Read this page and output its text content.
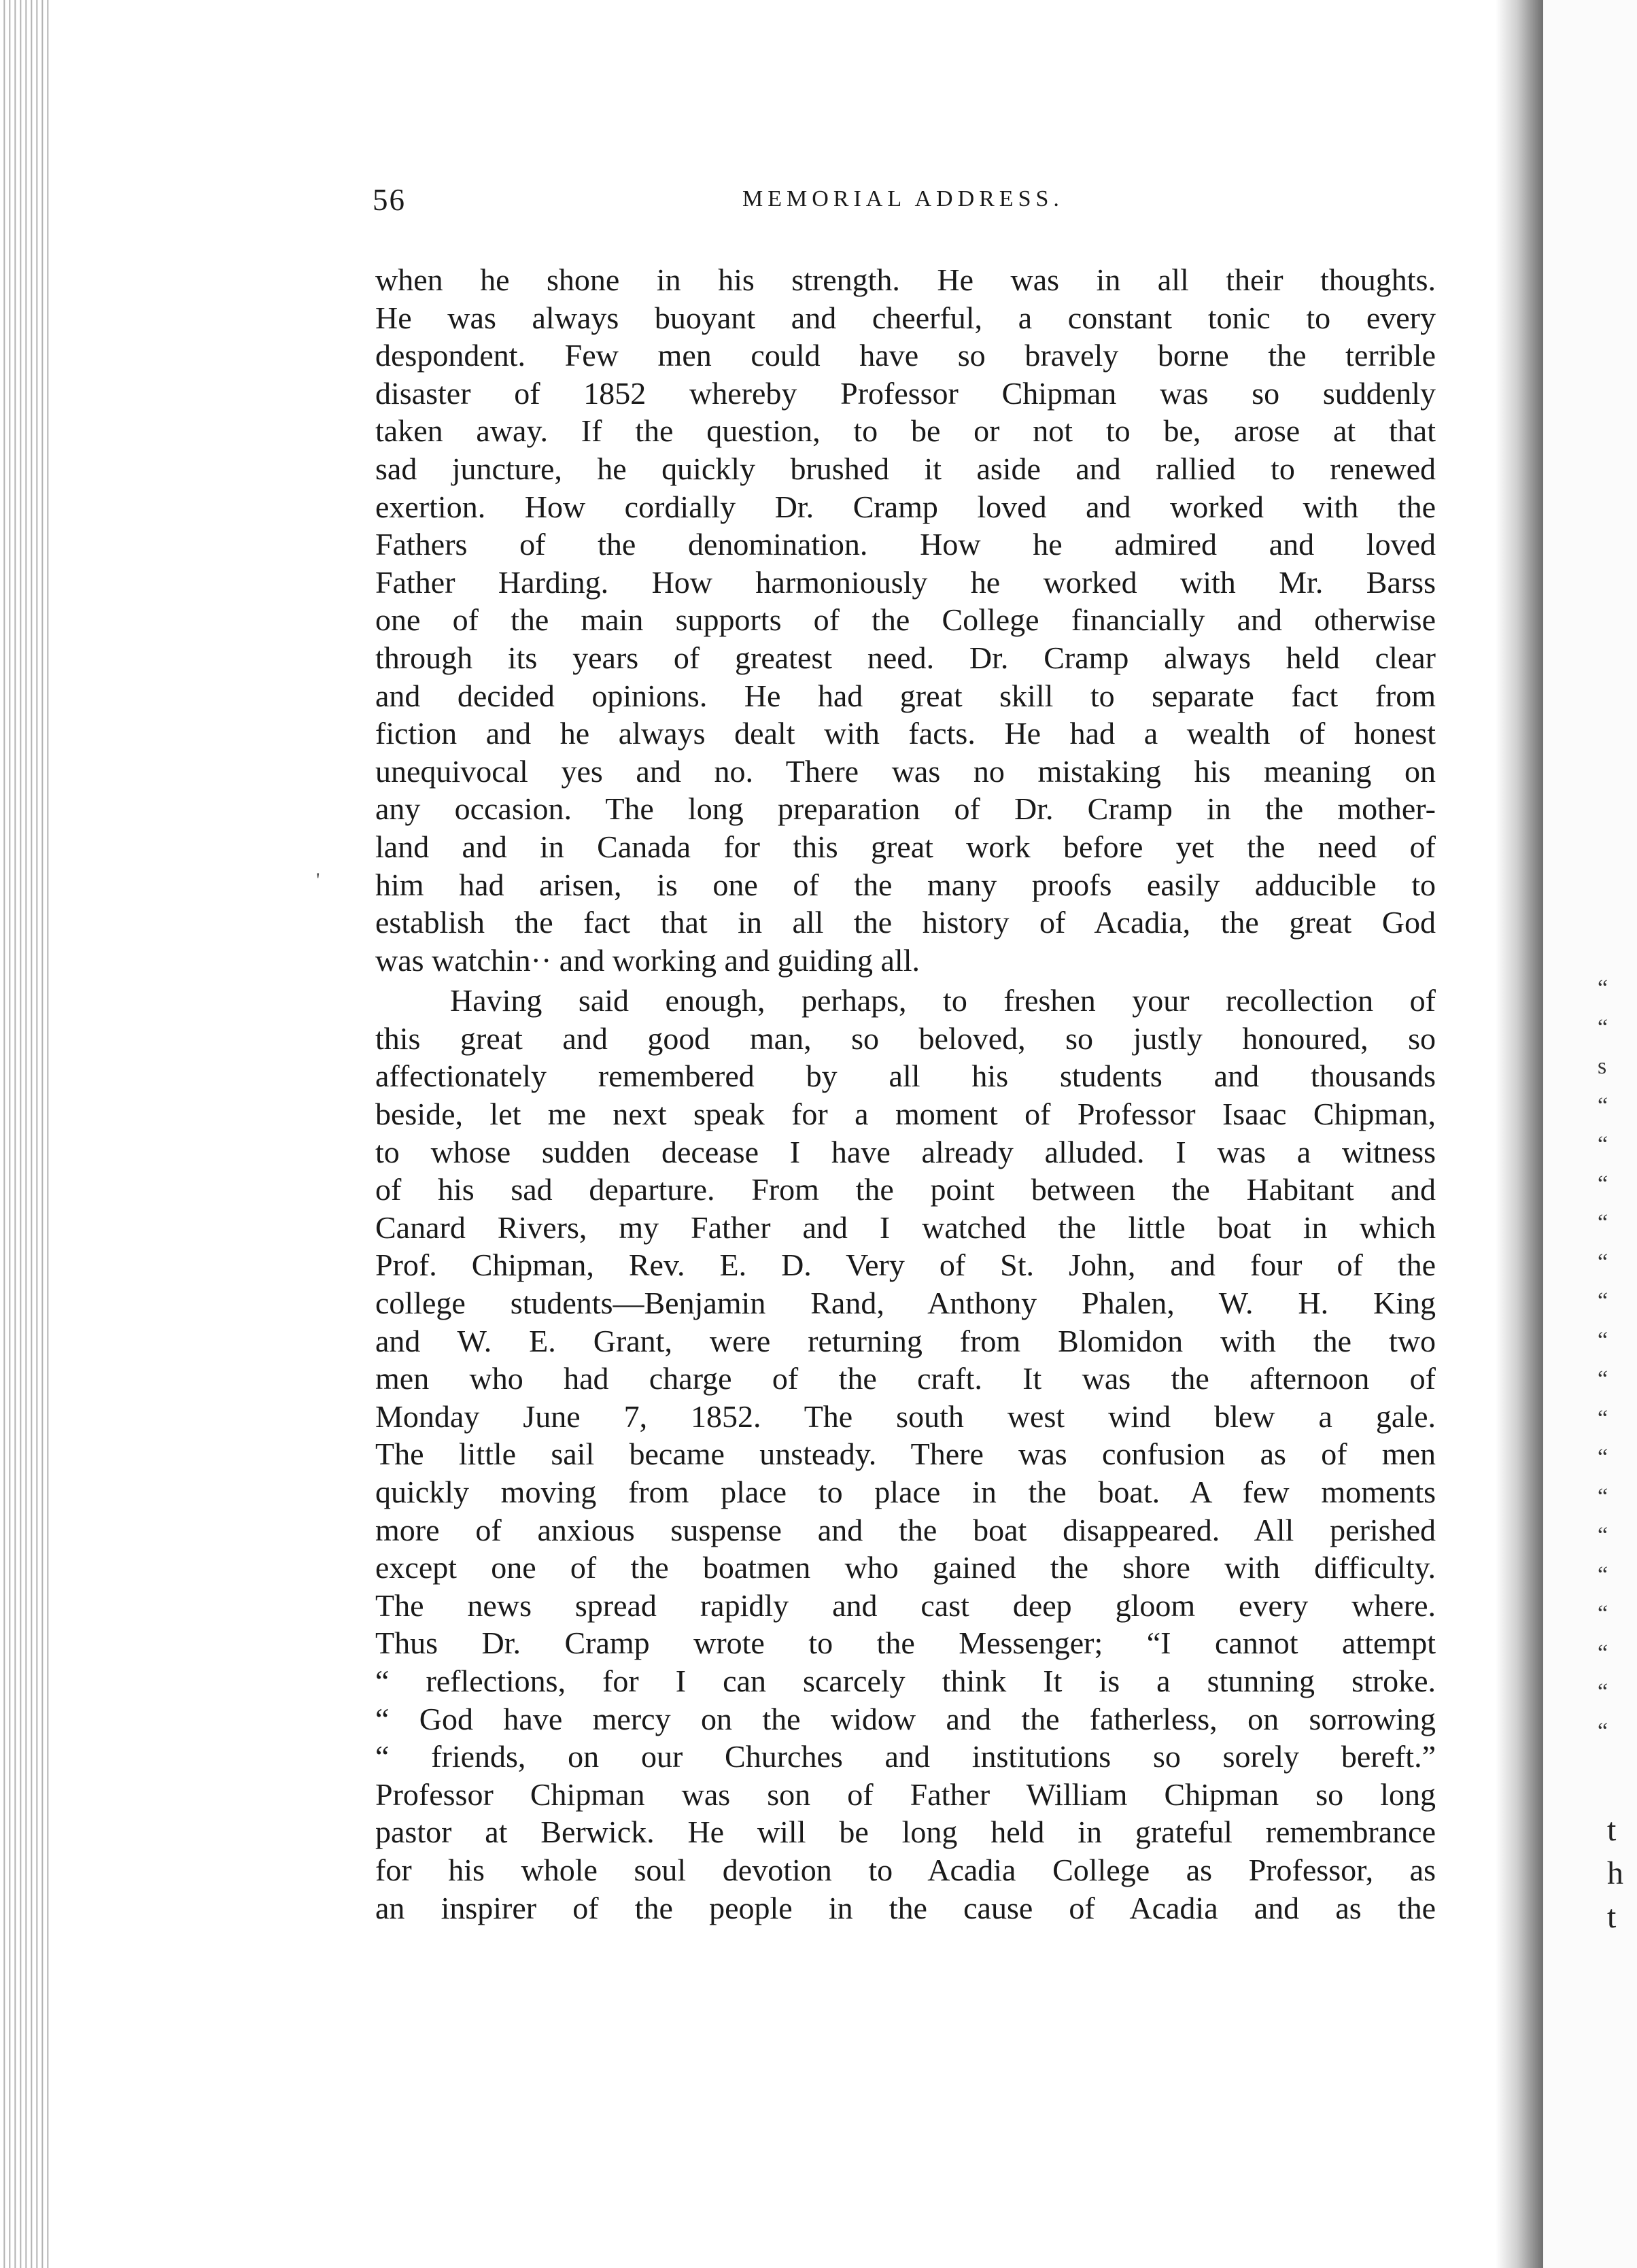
56	MEMORIAL ADDRESS.
'
when he shone in his strength. He was in all their thoughts.
He was always buoyant and cheerful, a constant tonic to every
despondent. Few men could have so bravely borne the terrible
disaster of 1852 whereby Professor Chipman was so suddenly
taken away. If the question, to be or not to be, arose at that
sad juncture, he quickly brushed it aside and rallied to renewed
exertion. How cordially Dr. Cramp loved and worked with the
Fathers of the denomination. How he admired and loved
Father Harding. How harmoniously he worked with Mr. Barss
one of the main supports of the College financially and otherwise
through its years of greatest need. Dr. Cramp always held clear
and decided opinions. He had great skill to separate fact from
fiction and he always dealt with facts. He had a wealth of honest
unequivocal yes and no. There was no mistaking his meaning on
any occasion. The long preparation of Dr. Cramp in the mother-
land and in Canada for this great work before yet the need of
him had arisen, is one of the many proofs easily adducible to
establish the fact that in all the history of Acadia, the great God
was watchin·· and working and guiding all.
Having said enough, perhaps, to freshen your recollection of
this great and good man, so beloved, so justly honoured, so
affectionately remembered by all his students and thousands
beside, let me next speak for a moment of Professor Isaac Chipman,
to whose sudden decease I have already alluded. I was a witness
of his sad departure. From the point between the Habitant and
Canard Rivers, my Father and I watched the little boat in which
Prof. Chipman, Rev. E. D. Very of St. John, and four of the
college students—Benjamin Rand, Anthony Phalen, W. H. King
and W. E. Grant, were returning from Blomidon with the two
men who had charge of the craft. It was the afternoon of
Monday June 7, 1852. The south west wind blew a gale.
The little sail became unsteady. There was confusion as of men
quickly moving from place to place in the boat. A few moments
more of anxious suspense and the boat disappeared. All perished
except one of the boatmen who gained the shore with difficulty.
The news spread rapidly and cast deep gloom every where.
Thus Dr. Cramp wrote to the Messenger; “I cannot attempt
“ reflections, for I can scarcely think It is a stunning stroke.
“ God have mercy on the widow and the fatherless, on sorrowing
“ friends, on our Churches and institutions so sorely bereft.”
Professor Chipman was son of Father William Chipman so long
pastor at Berwick. He will be long held in grateful remembrance
for his whole soul devotion to Acadia College as Professor, as
an inspirer of the people in the cause of Acadia and as the
“
“
s
“
“
“
“
“
“
“
“
“
“
“
“
“
“
“
“
“
t
h
t
